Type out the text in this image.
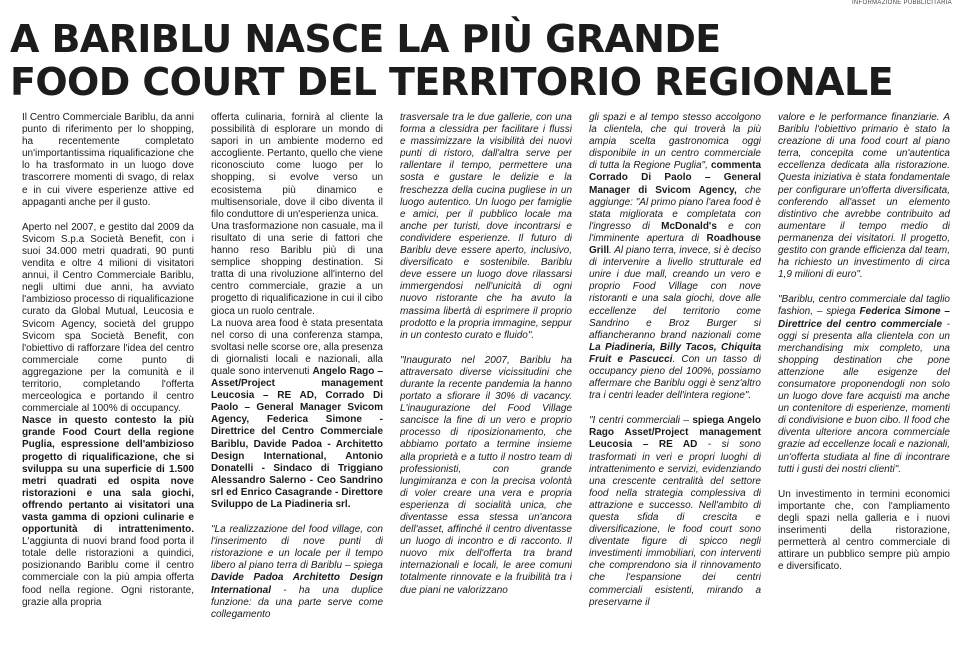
INFORMAZIONE PUBBLICITARIA
A BARIBLU NASCE LA PIÙ GRANDE
FOOD COURT DEL TERRITORIO REGIONALE

Il Centro Commerciale Bariblu, da anni punto di riferimento per lo shopping, ha recentemente completato un'importantissima riqualificazione che lo ha trasformato in un luogo dove trascorrere momenti di svago, di relax e in cui vivere esperienze attive ed appaganti anche per il gusto.

Aperto nel 2007, e gestito dal 2009 da Svicom S.p.a Società Benefit, con i suoi 34.000 metri quadrati, 90 punti vendita e oltre 4 milioni di visitatori annui, il Centro Commerciale Bariblu, negli ultimi due anni, ha avviato l'ambizioso processo di riqualificazione curato da Global Mutual, Leucosia e Svicom Agency, società del gruppo Svicom spa Società Benefit, con l'obiettivo di rafforzare l'idea del centro commerciale come punto di aggregazione per la comunità e il territorio, completando l'offerta merceologica e portando il centro commerciale al 100% di occupancy.

Nasce in questo contesto la più grande Food Court della regione Puglia, espressione dell'ambizioso progetto di riqualificazione, che si sviluppa su una superficie di 1.500 metri quadrati ed ospita nove ristorazioni e una sala giochi, offrendo pertanto ai visitatori una vasta gamma di opzioni culinarie e opportunità di intrattenimento. L'aggiunta di nuovi brand food porta il totale delle ristorazioni a quindici, posizionando Bariblu come il centro commerciale con la più ampia offerta food nella regione. Ogni ristorante, grazie alla propria

offerta culinaria, fornirà al cliente la possibilità di esplorare un mondo di sapori in un ambiente moderno ed accogliente. Pertanto, quello che viene riconosciuto come luogo per lo shopping, si evolve verso un ecosistema più dinamico e multisensoriale, dove il cibo diventa il filo conduttore di un'esperienza unica.

Una trasformazione non casuale, ma il risultato di una serie di fattori che hanno reso Bariblu più di una semplice shopping destination. Si tratta di una rivoluzione all'interno del centro commerciale, grazie a un progetto di riqualificazione in cui il cibo gioca un ruolo centrale.

La nuova area food è stata presentata nel corso di una conferenza stampa, svoltasi nelle scorse ore, alla presenza di giornalisti locali e nazionali, alla quale sono intervenuti Angelo Rago – Asset/Project management Leucosia – RE AD, Corrado Di Paolo – General Manager Svicom Agency, Federica Simone - Direttrice del Centro Commerciale Bariblu, Davide Padoa - Architetto Design International, Antonio Donatelli - Sindaco di Triggiano Alessandro Salerno - Ceo Sandrino srl ed Enrico Casagrande - Direttore Sviluppo de La Piadineria srl.

"La realizzazione del food village, con l'inserimento di nove punti di ristorazione e un locale per il tempo libero al piano terra di Bariblu – spiega Davide Padoa Architetto Design International - ha una duplice funzione: da una parte serve come collegamento

trasversale tra le due gallerie, con una forma a clessidra per facilitare i flussi e massimizzare la visibilità dei nuovi punti di ristoro, dall'altra serve per rallentare il tempo, permettere una sosta e gustare le delizie e la freschezza della cucina pugliese in un luogo autentico. Un luogo per famiglie e amici, per il pubblico locale ma anche per turisti, dove incontrarsi e condividere esperienze. Il futuro di Bariblu deve essere aperto, inclusivo, diversificato e sostenibile. Bariblu deve essere un luogo dove rilassarsi immergendosi nell'unicità di ogni nuovo ristorante che ha avuto la massima libertà di esprimere il proprio prodotto e la propria immagine, seppur in un contesto curato e fluido".

"Inaugurato nel 2007, Bariblu ha attraversato diverse vicissitudini che durante la recente pandemia la hanno portato a sfiorare il 30% di vacancy. L'inaugurazione del Food Village sancisce la fine di un vero e proprio processo di riposizionamento, che abbiamo portato a termine insieme alla proprietà e a tutto il nostro team di professionisti, con grande lungimiranza e con la precisa volontà di voler creare una vera e propria esperienza di socialità unica, che diventasse essa stessa un'ancora dell'asset, affinché il centro diventasse un luogo di incontro e di racconto. Il nuovo mix dell'offerta tra brand internazionali e locali, le aree comuni totalmente rinnovate e la fruibilità tra i due piani ne valorizzano

gli spazi e al tempo stesso accolgono la clientela, che qui troverà la più ampia scelta gastronomica oggi disponibile in un centro commerciale di tutta la Regione Puglia", commenta Corrado Di Paolo – General Manager di Svicom Agency, che aggiunge: "Al primo piano l'area food è stata migliorata e completata con l'ingresso di McDonald's e con l'imminente apertura di Roadhouse Grill. Al piano terra, invece, si è deciso di intervenire a livello strutturale ed unire i due mall, creando un vero e proprio Food Village con nove ristoranti e una sala giochi, dove alle eccellenze del territorio come Sandrino e Broz Burger si affiancheranno brand nazionali come La Piadineria, Billy Tacos, Chiquita Fruit e Pascucci. Con un tasso di occupancy pieno del 100%, possiamo affermare che Bariblu oggi è senz'altro tra i centri leader dell'intera regione".

"I centri commerciali – spiega Angelo Rago Asset/Project management Leucosia – RE AD - si sono trasformati in veri e propri luoghi di intrattenimento e servizi, evidenziando una crescente centralità del settore food nella strategia complessiva di attrazione e successo. Nell'ambito di questa sfida di crescita e diversificazione, le food court sono diventate figure di spicco negli investimenti immobiliari, con interventi che comprendono sia il rinnovamento che l'espansione dei centri commerciali esistenti, mirando a preservarne il

valore e le performance finanziarie. A Bariblu l'obiettivo primario è stato la creazione di una food court al piano terra, concepita come un'autentica eccellenza dedicata alla ristorazione. Questa iniziativa è stata fondamentale per configurare un'offerta diversificata, conferendo all'asset un elemento distintivo che avrebbe contribuito ad aumentare il tempo medio di permanenza dei visitatori. Il progetto, gestito con grande efficienza dal team, ha richiesto un investimento di circa 1,9 milioni di euro".

"Bariblu, centro commerciale dal taglio fashion, – spiega Federica Simone – Direttrice del centro commerciale - oggi si presenta alla clientela con un merchandising mix completo, una shopping destination che pone attenzione alle esigenze del consumatore proponendogli non solo un luogo dove fare acquisti ma anche un contenitore di esperienze, momenti di condivisione e buon cibo. Il food che diventa ulteriore ancora commerciale grazie ad eccellenze locali e nazionali, un'offerta studiata al fine di incontrare tutti i gusti dei nostri clienti".

Un investimento in termini economici importante che, con l'ampliamento degli spazi nella galleria e i nuovi inserimenti della ristorazione, permetterà al centro commerciale di attirare un pubblico sempre più ampio e diversificato.
